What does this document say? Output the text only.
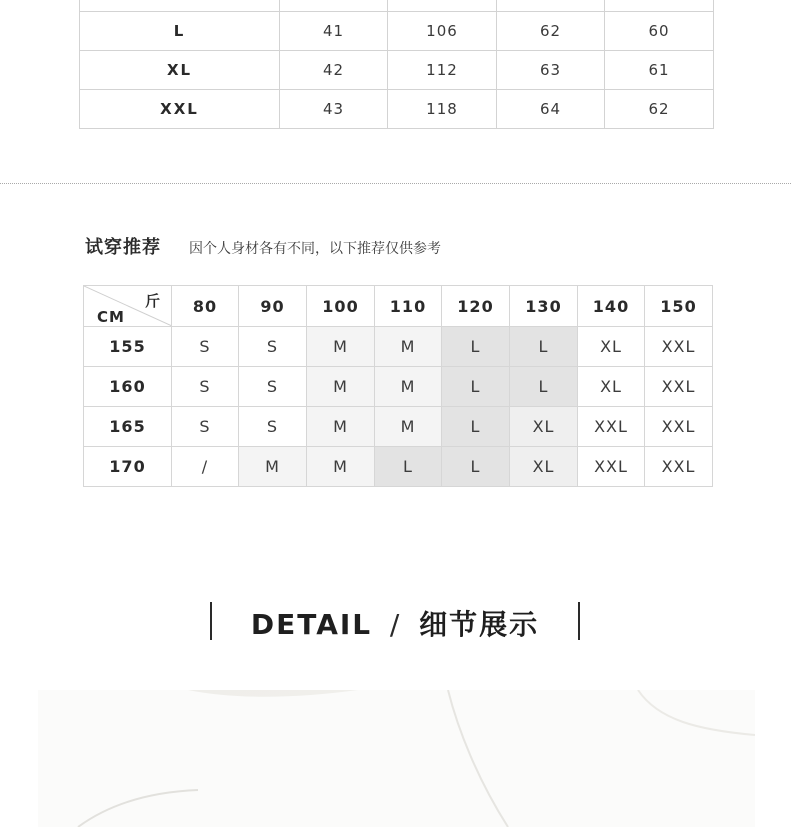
L	41	106	62	60
XL	42	112	63	61
XXL	43	118	64	62
试穿推荐 因个人身材各有不同，以下推荐仅供参考
斤
CM	80	90	100	110	120	130	140	150
155	S	S	M	M	L	L	XL	XXL
160	S	S	M	M	L	L	XL	XXL
165	S	S	M	M	L	XL	XXL	XXL
170	/	M	M	L	L	XL	XXL	XXL
DETAIL / 细节展示
